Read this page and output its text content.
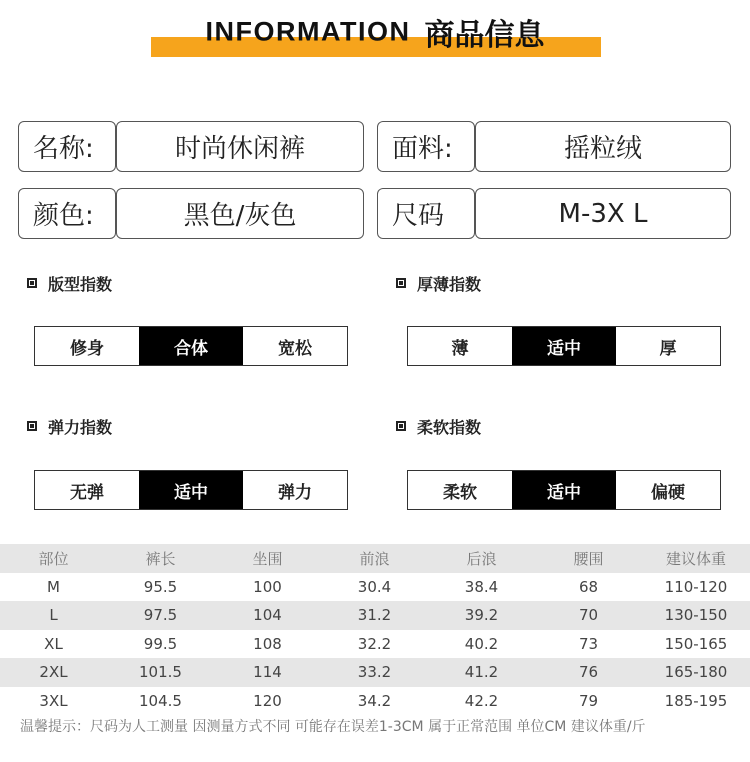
INFORMATION 商品信息
名称:	时尚休闲裤	面料:	摇粒绒
颜色:	黑色/灰色	尺码	M-3X L
版型指数
修身	合体	宽松
厚薄指数
薄	适中	厚
弹力指数
无弹	适中	弹力
柔软指数
柔软	适中	偏硬
部位	裤长	坐围	前浪	后浪	腰围	建议体重
M	95.5	100	30.4	38.4	68	110-120
L	97.5	104	31.2	39.2	70	130-150
XL	99.5	108	32.2	40.2	73	150-165
2XL	101.5	114	33.2	41.2	76	165-180
3XL	104.5	120	34.2	42.2	79	185-195
温馨提示：尺码为人工测量 因测量方式不同 可能存在误差1-3CM 属于正常范围 单位CM 建议体重/斤
